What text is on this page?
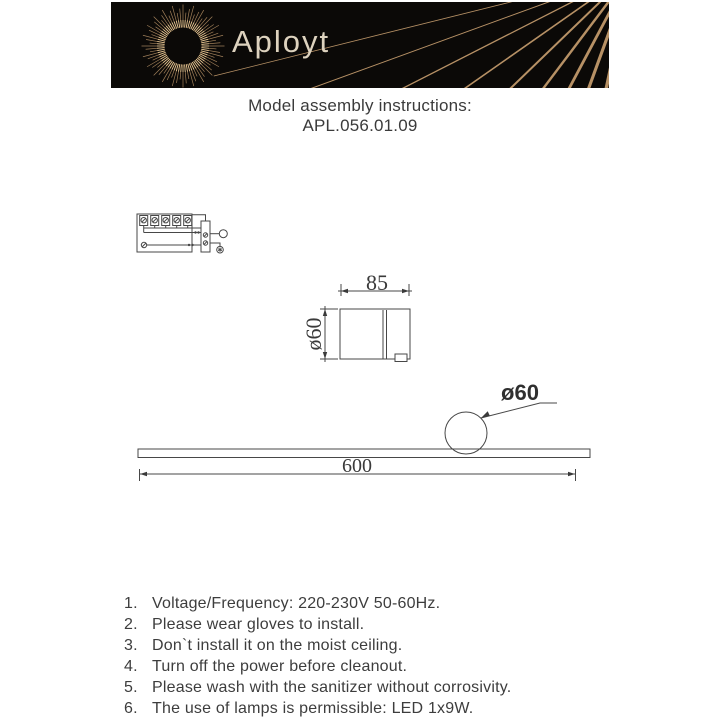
Aployt
Model assembly instructions:
APL.056.01.09
85
ø60
ø60
600
Voltage/Frequency: 220-230V 50-60Hz.
Please wear gloves to install.
Don`t install it on the moist ceiling.
Turn off the power before cleanout.
Please wash with the sanitizer without corrosivity.
The use of lamps is permissible: LED 1x9W.
